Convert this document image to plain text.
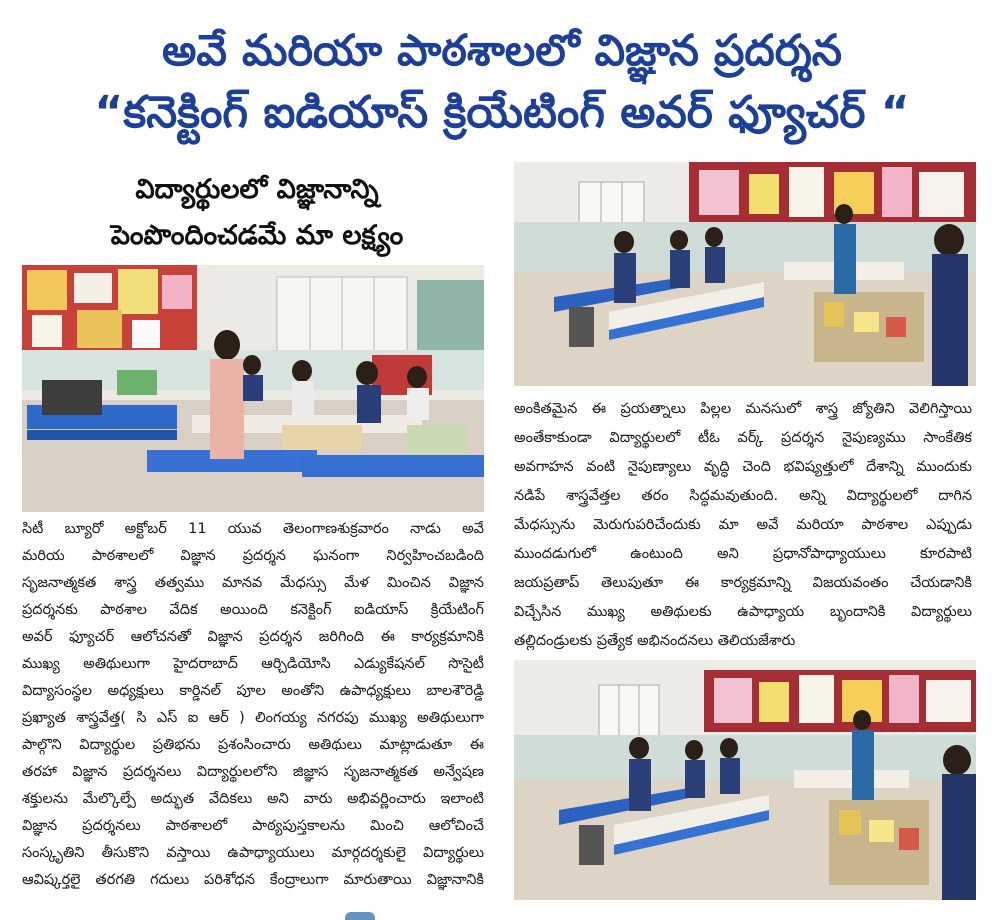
అవే మరియా పాఠశాలలో విజ్ఞాన ప్రదర్శన
“కనెక్టింగ్ ఐడియాస్ క్రియేటింగ్ అవర్ ఫ్యూచర్ “
విద్యార్థులలో విజ్ఞానాన్ని
పెంపొందించడమే మా లక్ష్యం
సిటీ బ్యూరో అక్టోబర్ 11 యువ తెలంగాణశుక్రవారం నాడు అవే
మరియ పాఠశాలలో విజ్ఞాన ప్రదర్శన ఘనంగా నిర్వహించబడింది
సృజనాత్మకత శాస్త్ర తత్వము మానవ మేధస్సు మేళ మించిన విజ్ఞాన
ప్రదర్శనకు పాఠశాల వేదిక అయింది కనెక్టింగ్ ఐడియాస్ క్రియేటింగ్
అవర్ ఫ్యూచర్ ఆలోచనతో విజ్ఞాన ప్రదర్శన జరిగింది ఈ కార్యక్రమానికి
ముఖ్య అతిథులుగా హైదరాబాద్ ఆర్చిడియోసి ఎడ్యుకేషనల్ సొసైటీ
విద్యాసంస్థల అధ్యక్షులు కార్డినల్ పూల అంతోని ఉపాధ్యక్షులు బాలశౌరెడ్డి
ప్రఖ్యాత శాస్త్రవేత్త( సి ఎస్ ఐ ఆర్ ) లింగయ్య నగరపు ముఖ్య అతిథులుగా
పాల్గొని విద్యార్థుల ప్రతిభను ప్రశంసించారు అతిథులు మాట్లాడుతూ ఈ
తరహా విజ్ఞాన ప్రదర్శనలు విద్యార్థులలోని జిజ్ఞాస సృజనాత్మకత అన్వేషణ
శక్తులను మేల్కొల్పే అద్భుత వేదికలు అని వారు అభివర్ణించారు ఇలాంటి
విజ్ఞాన ప్రదర్శనలు పాఠశాలలో పాఠ్యపుస్తకాలను మించి ఆలోచించే
సంస్కృతిని తీసుకొని వస్తాయి ఉపాధ్యాయులు మార్గదర్శకులై విద్యార్థులు
ఆవిష్కర్తలై తరగతి గదులు పరిశోధన కేంద్రాలుగా మారుతాయి విజ్ఞానానికి
అంకితమైన ఈ ప్రయత్నాలు పిల్లల మనసులో శాస్త్ర జ్యోతిని వెలిగిస్తాయి
అంతేకాకుండా విద్యార్థులలో టీఓ వర్క్ ప్రదర్శన నైపుణ్యము సాంకేతిక
అవగాహన వంటి నైపుణ్యాలు వృద్ధి చెంది భవిష్యత్తులో దేశాన్ని ముందుకు
నడిపే శాస్త్రవేత్తల తరం సిద్ధమవుతుంది. అన్ని విద్యార్థులలో దాగిన
మేధస్సును మెరుగుపరిచేందుకు మా అవే మరియా పాఠశాల ఎప్పుడు
ముందడుగులో ఉంటుంది అని ప్రధానోపాధ్యాయులు కూరపాటి
జయప్రతాప్ తెలుపుతూ ఈ కార్యక్రమాన్ని విజయవంతం చేయడానికి
విచ్చేసిన ముఖ్య అతిథులకు ఉపాధ్యాయ బృందానికి విద్యార్థులు
తల్లిదండ్రులకు ప్రత్యేక అభినందనలు తెలియజేశారు
